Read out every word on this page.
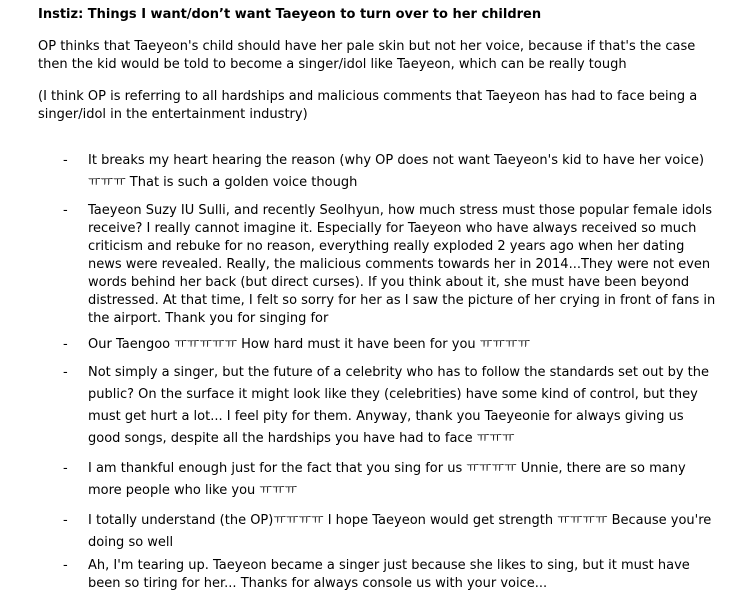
Instiz: Things I want/don’t want Taeyeon to turn over to her children

OP thinks that Taeyeon's child should have her pale skin but not her voice, because if that's the case then the kid would be told to become a singer/idol like Taeyeon, which can be really tough

(I think OP is referring to all hardships and malicious comments that Taeyeon has had to face being a singer/idol in the entertainment industry)

- It breaks my heart hearing the reason (why OP does not want Taeyeon's kid to have her voice) ㅠㅠㅠ That is such a golden voice though
- Taeyeon Suzy IU Sulli, and recently Seolhyun, how much stress must those popular female idols receive? I really cannot imagine it. Especially for Taeyeon who have always received so much criticism and rebuke for no reason, everything really exploded 2 years ago when her dating news were revealed. Really, the malicious comments towards her in 2014...They were not even words behind her back (but direct curses). If you think about it, she must have been beyond distressed. At that time, I felt so sorry for her as I saw the picture of her crying in front of fans in the airport. Thank you for singing for
- Our Taengoo ㅠㅠㅠㅠㅠ How hard must it have been for you ㅠㅠㅠㅠ
- Not simply a singer, but the future of a celebrity who has to follow the standards set out by the public? On the surface it might look like they (celebrities) have some kind of control, but they must get hurt a lot... I feel pity for them. Anyway, thank you Taeyeonie for always giving us good songs, despite all the hardships you have had to face ㅠㅠㅠ
- I am thankful enough just for the fact that you sing for us ㅠㅠㅠㅠ Unnie, there are so many more people who like you ㅠㅠㅠ
- I totally understand (the OP)ㅠㅠㅠㅠ I hope Taeyeon would get strength ㅠㅠㅠㅠ Because you're doing so well
- Ah, I'm tearing up. Taeyeon became a singer just because she likes to sing, but it must have been so tiring for her... Thanks for always console us with your voice...
